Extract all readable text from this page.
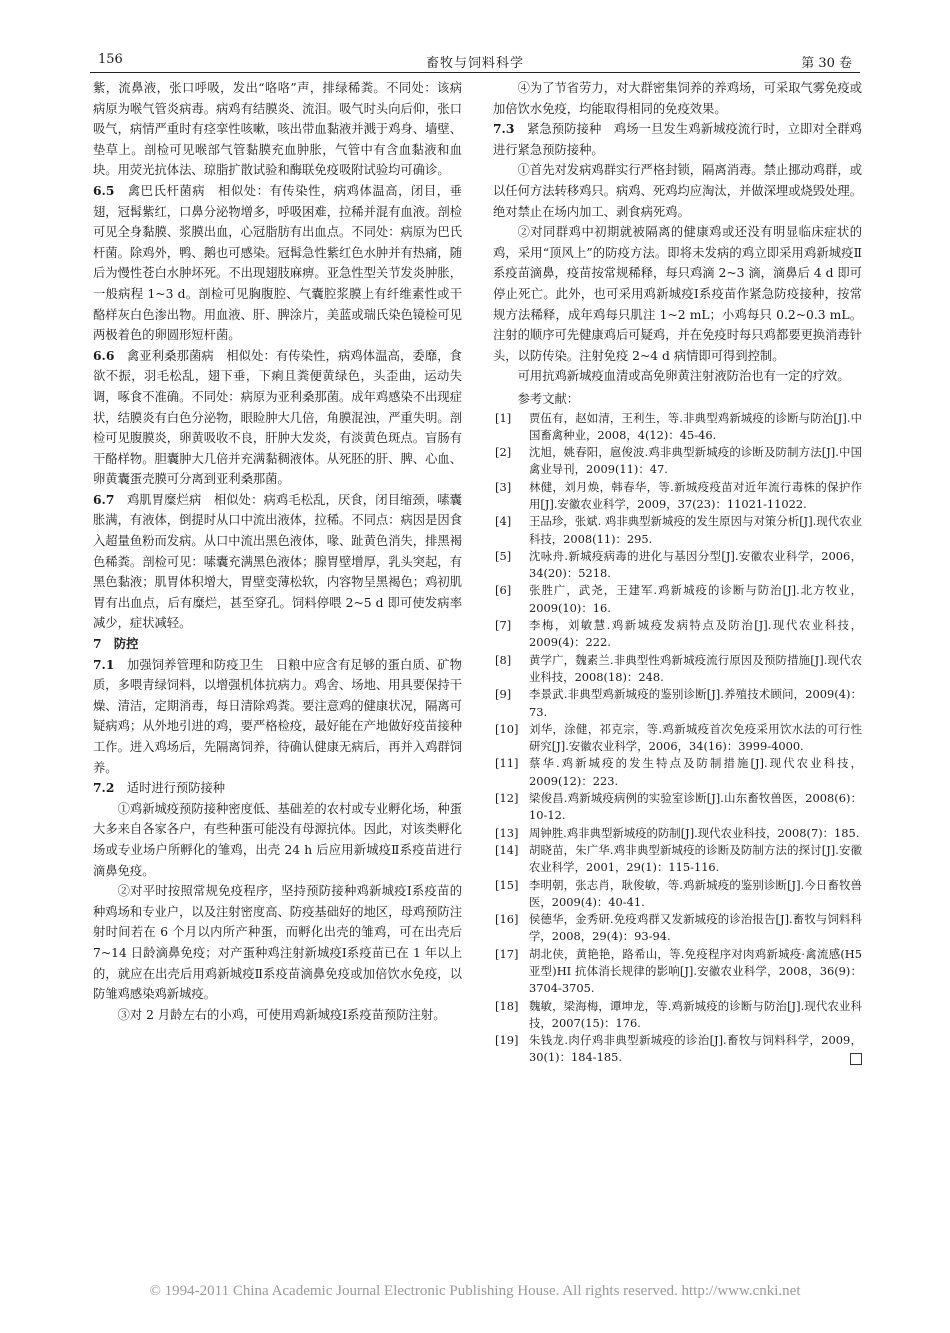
156	畜牧与饲料科学	第 30 卷

紫，流鼻液，张口呼吸，发出“咯咯”声，排绿稀粪。不同处：该病病原为喉气管炎病毒。病鸡有结膜炎、流泪。吸气时头向后仰，张口吸气，病情严重时有痉挛性咳嗽，咳出带血黏液并溅于鸡身、墙壁、垫草上。剖检可见喉部气管黏膜充血肿胀，气管中有含血黏液和血块。用荧光抗体法、琼脂扩散试验和酶联免疫吸附试验均可确诊。

6.5　 禽巴氏杆菌病　 相似处：有传染性，病鸡体温高，闭目，垂翅，冠髯紫红，口鼻分泌物增多，呼吸困难，拉稀并混有血液。剖检可见全身黏膜、浆膜出血，心冠脂肪有出血点。不同处：病原为巴氏杆菌。除鸡外，鸭、鹅也可感染。冠髯急性紫红色水肿并有热痛，随后为慢性苍白水肿坏死。不出现翅肢麻痹。亚急性型关节发炎肿胀，一般病程 1~3 d。剖检可见胸腹腔、气囊腔浆膜上有纤维素性或干酪样灰白色渗出物。用血液、肝、脾涂片，美蓝或瑞氏染色镜检可见两极着色的卵圆形短杆菌。

6.6　 禽亚利桑那菌病　 相似处：有传染性，病鸡体温高，委靡，食欲不振，羽毛松乱，翅下垂，下痢且粪便黄绿色，头歪曲，运动失调，啄食不准确。不同处：病原为亚利桑那菌。成年鸡感染不出现症状，结膜炎有白色分泌物，眼睑肿大几倍，角膜混浊，严重失明。剖检可见腹膜炎，卵黄吸收不良，肝肿大发炎，有淡黄色斑点。盲肠有干酪样物。胆囊肿大几倍并充满黏稠液体。从死胚的肝、脾、心血、卵黄囊蛋壳膜可分离到亚利桑那菌。

6.7　 鸡肌胃糜烂病　 相似处：病鸡毛松乱，厌食，闭目缩颈，嗉囊胀满，有液体，倒提时从口中流出液体，拉稀。不同点：病因是因食入超量鱼粉而发病。从口中流出黑色液体，喙、趾黄色消失，排黑褐色稀粪。剖检可见：嗉囊充满黑色液体；腺胃壁增厚，乳头突起，有黑色黏液；肌胃体积增大，胃壁变薄松软，内容物呈黑褐色；鸡初肌胃有出血点，后有糜烂，甚至穿孔。饲料停喂 2~5 d 即可使发病率减少，症状减轻。

7　防控

7.1　 加强饲养管理和防疫卫生　 日粮中应含有足够的蛋白质、矿物质，多喂青绿饲料，以增强机体抗病力。鸡舍、场地、用具要保持干燥、清洁，定期消毒，每日清除鸡粪。要注意鸡的健康状况，隔离可疑病鸡；从外地引进的鸡，要严格检疫，最好能在产地做好疫苗接种工作。进入鸡场后，先隔离饲养，待确认健康无病后，再并入鸡群饲养。

7.2　 适时进行预防接种　

①鸡新城疫预防接种密度低、基础差的农村或专业孵化场，种蛋大多来自各家各户，有些种蛋可能没有母源抗体。因此，对该类孵化场或专业场户所孵化的雏鸡，出壳 24 h 后应用新城疫Ⅱ系疫苗进行滴鼻免疫。

②对平时按照常规免疫程序，坚持预防接种鸡新城疫Ⅰ系疫苗的种鸡场和专业户，以及注射密度高、防疫基础好的地区，母鸡预防注射时间若在 6 个月以内所产种蛋，而孵化出壳的雏鸡，可在出壳后 7~14 日龄滴鼻免疫；对产蛋种鸡注射新城疫Ⅰ系疫苗已在 1 年以上的，就应在出壳后用鸡新城疫Ⅱ系疫苗滴鼻免疫或加倍饮水免疫，以防雏鸡感染鸡新城疫。

③对 2 月龄左右的小鸡，可使用鸡新城疫Ⅰ系疫苗预防注射。

④为了节省劳力，对大群密集饲养的养鸡场，可采取气雾免疫或加倍饮水免疫，均能取得相同的免疫效果。

7.3　 紧急预防接种　 鸡场一旦发生鸡新城疫流行时，立即对全群鸡进行紧急预防接种。

①首先对发病鸡群实行严格封锁，隔离消毒。禁止挪动鸡群，或以任何方法转移鸡只。病鸡、死鸡均应淘汰，并做深埋或烧毁处理。绝对禁止在场内加工、剥食病死鸡。

②对同群鸡中初期就被隔离的健康鸡或还没有明显临床症状的鸡，采用“顶风上”的防疫方法。即将未发病的鸡立即采用鸡新城疫Ⅱ系疫苗滴鼻，疫苗按常规稀释，每只鸡滴 2~3 滴，滴鼻后 4 d 即可停止死亡。此外，也可采用鸡新城疫Ⅰ系疫苗作紧急防疫接种，按常规方法稀释，成年鸡每只肌注 1~2 mL；小鸡每只 0.2~0.3 mL。注射的顺序可先健康鸡后可疑鸡，并在免疫时每只鸡都要更换消毒针头，以防传染。注射免疫 2~4 d 病情即可得到控制。

可用抗鸡新城疫血清或高免卵黄注射液防治也有一定的疗效。

参考文献：

[1] 贾伍有，赵如清，王利生，等.非典型鸡新城疫的诊断与防治[J].中国畜禽种业，2008，4(12)：45-46.
[2] 沈旭，姚春阳，扈俊波.鸡非典型新城疫的诊断及防制方法[J].中国禽业导刊，2009(11)：47.
[3] 林健，刘月焕，韩春华，等.新城疫疫苗对近年流行毒株的保护作用[J].安徽农业科学，2009，37(23)：11021-11022.
[4] 王品珍，张斌. 鸡非典型新城疫的发生原因与对策分析[J].现代农业科技，2008(11)：295.
[5] 沈咏舟.新城疫病毒的进化与基因分型[J].安徽农业科学，2006，34(20)：5218.
[6] 张胜广，武尧，王建军.鸡新城疫的诊断与防治[J].北方牧业，2009(10)：16.
[7] 李梅，刘敏慧.鸡新城疫发病特点及防治[J].现代农业科技，2009(4)：222.
[8] 黄学广，魏素兰.非典型性鸡新城疫流行原因及预防措施[J].现代农业科技，2008(18)：248.
[9] 李景武.非典型鸡新城疫的鉴别诊断[J].养殖技术顾问，2009(4)：73.
[10] 刘华，涂健，祁克宗，等.鸡新城疫首次免疫采用饮水法的可行性研究[J].安徽农业科学，2006，34(16)：3999-4000.
[11] 蔡华.鸡新城疫的发生特点及防制措施[J].现代农业科技，2009(12)：223.
[12] 梁俊昌.鸡新城疫病例的实验室诊断[J].山东畜牧兽医，2008(6)：10-12.
[13] 周钟胜.鸡非典型新城疫的防制[J].现代农业科技，2008(7)：185.
[14] 胡晓苗，朱广华.鸡非典型新城疫的诊断及防制方法的探讨[J].安徽农业科学，2001，29(1)：115-116.
[15] 李明朝，张志肖，耿俊敏，等.鸡新城疫的鉴别诊断[J].今日畜牧兽医，2009(4)：40-41.
[16] 侯德华，金秀研.免疫鸡群又发新城疫的诊治报告[J].畜牧与饲料科学，2008，29(4)：93-94.
[17] 胡北侠，黄艳艳，路希山，等.免疫程序对肉鸡新城疫·禽流感(H5 亚型)HI 抗体消长规律的影响[J].安徽农业科学，2008，36(9)：3704-3705.
[18] 魏敏，梁海梅，谭坤龙，等.鸡新城疫的诊断与防治[J].现代农业科技，2007(15)：176.
[19] 朱钱龙.肉仔鸡非典型新城疫的诊治[J].畜牧与饲料科学，2009，30(1)：184-185.
© 1994-2011 China Academic Journal Electronic Publishing House. All rights reserved. http://www.cnki.net
